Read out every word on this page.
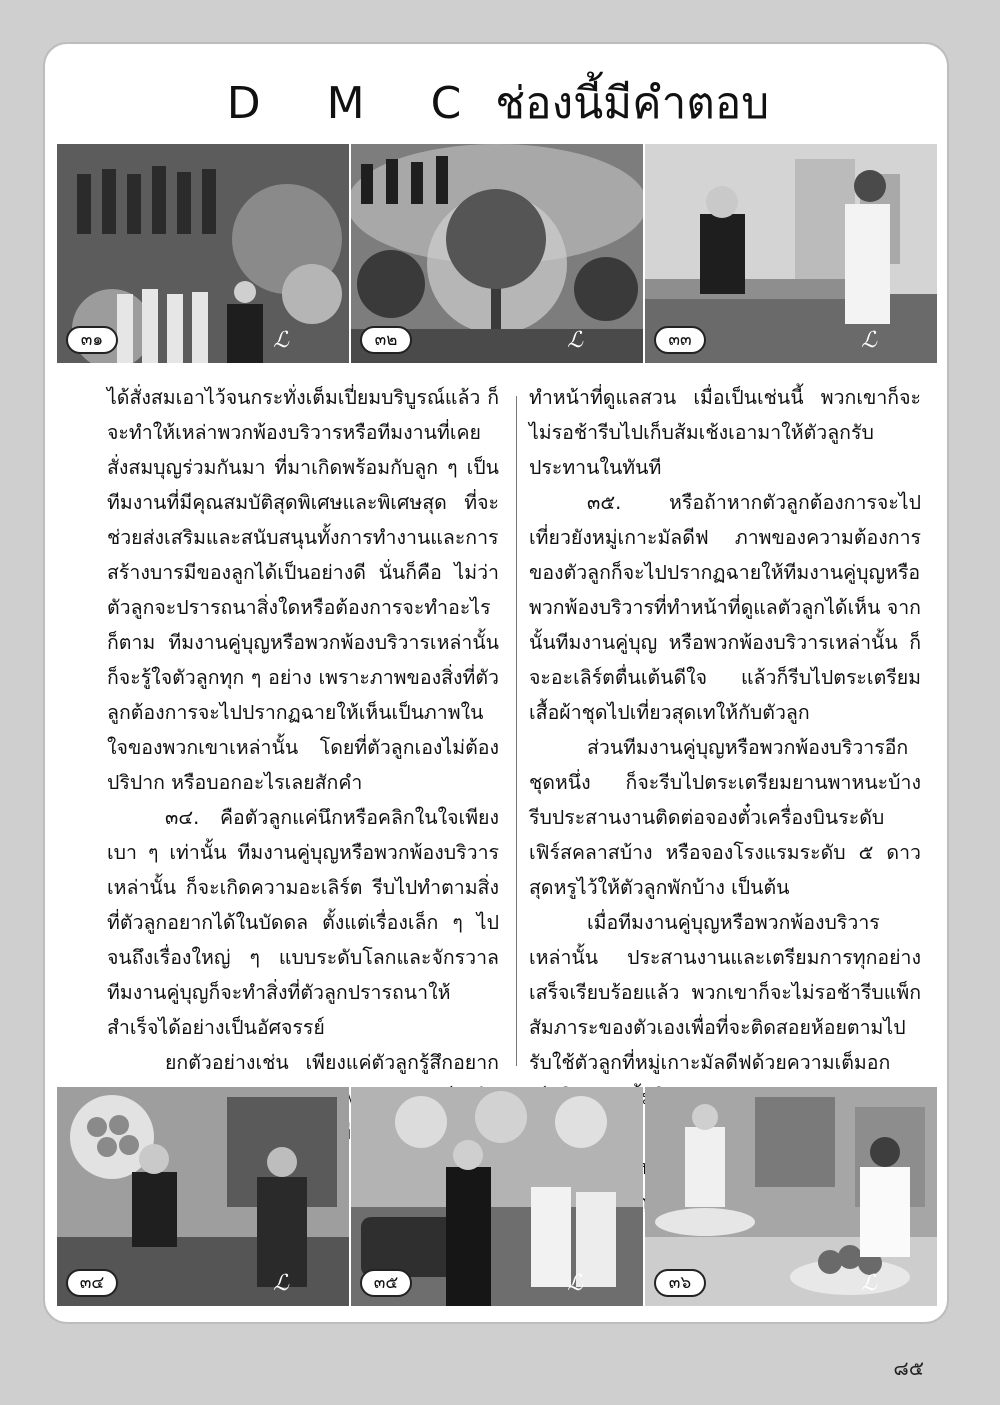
D M C ช่องนี้มีคำตอบ
ℒ
๓๑	ℒ
๓๒	ℒ
๓๓

ได้สั่งสมเอาไว้จนกระทั่งเต็มเปี่ยมบริบูรณ์แล้ว ก็จะทำให้เหล่าพวกพ้องบริวารหรือทีมงานที่เคยสั่งสมบุญร่วมกันมา ที่มาเกิดพร้อมกับลูก ๆ เป็นทีมงานที่มีคุณสมบัติสุดพิเศษและพิเศษสุด ที่จะช่วยส่งเสริมและสนับสนุนทั้งการทำงานและการสร้างบารมีของลูกได้เป็นอย่างดี นั่นก็คือ ไม่ว่าตัวลูกจะปรารถนาสิ่งใดหรือต้องการจะทำอะไรก็ตาม ทีมงานคู่บุญหรือพวกพ้องบริวารเหล่านั้น ก็จะรู้ใจตัวลูกทุก ๆ อย่าง เพราะภาพของสิ่งที่ตัวลูกต้องการจะไปปรากฏฉายให้เห็นเป็นภาพในใจของพวกเขาเหล่านั้น โดยที่ตัวลูกเองไม่ต้องปริปาก หรือบอกอะไรเลยสักคำ

๓๔. คือตัวลูกแค่นึกหรือคลิกในใจเพียงเบา ๆ เท่านั้น ทีมงานคู่บุญหรือพวกพ้องบริวารเหล่านั้น ก็จะเกิดความอะเลิร์ต รีบไปทำตามสิ่งที่ตัวลูกอยากได้ในบัดดล ตั้งแต่เรื่องเล็ก ๆ ไปจนถึงเรื่องใหญ่ ๆ แบบระดับโลกและจักรวาล ทีมงานคู่บุญก็จะทำสิ่งที่ตัวลูกปรารถนาให้สำเร็จได้อย่างเป็นอัศจรรย์

ยกตัวอย่างเช่น เพียงแค่ตัวลูกรู้สึกอยาก

ทำหน้าที่ดูแลสวน เมื่อเป็นเช่นนี้ พวกเขาก็จะไม่รอช้ารีบไปเก็บส้มเช้งเอามาให้ตัวลูกรับประทานในทันที

๓๕. หรือถ้าหากตัวลูกต้องการจะไปเที่ยวยังหมู่เกาะมัลดีฟ ภาพของความต้องการของตัวลูกก็จะไปปรากฏฉายให้ทีมงานคู่บุญหรือพวกพ้องบริวารที่ทำหน้าที่ดูแลตัวลูกได้เห็น จากนั้นทีมงานคู่บุญ หรือพวกพ้องบริวารเหล่านั้น ก็จะอะเลิร์ตตื่นเต้นดีใจ แล้วก็รีบไปตระเตรียมเสื้อผ้าชุดไปเที่ยวสุดเทให้กับตัวลูก

ส่วนทีมงานคู่บุญหรือพวกพ้องบริวารอีกชุดหนึ่ง ก็จะรีบไปตระเตรียมยานพาหนะบ้าง รีบประสานงานติดต่อจองตั๋วเครื่องบินระดับเฟิร์สคลาสบ้าง หรือจองโรงแรมระดับ ๕ ดาวสุดหรูไว้ให้ตัวลูกพักบ้าง เป็นต้น

เมื่อทีมงานคู่บุญหรือพวกพ้องบริวารเหล่านั้น ประสานงานและเตรียมการทุกอย่างเสร็จเรียบร้อยแล้ว พวกเขาก็จะไม่รอช้ารีบแพ็กสัมภาระของตัวเองเพื่อที่จะติดสอยห้อยตามไปรับใช้ตัวลูกที่หมู่เกาะมัลดีฟด้วยความเต็มอก

ℒ
๓๔	ℒ
๓๕	ℒ
๓๖
๘๕
